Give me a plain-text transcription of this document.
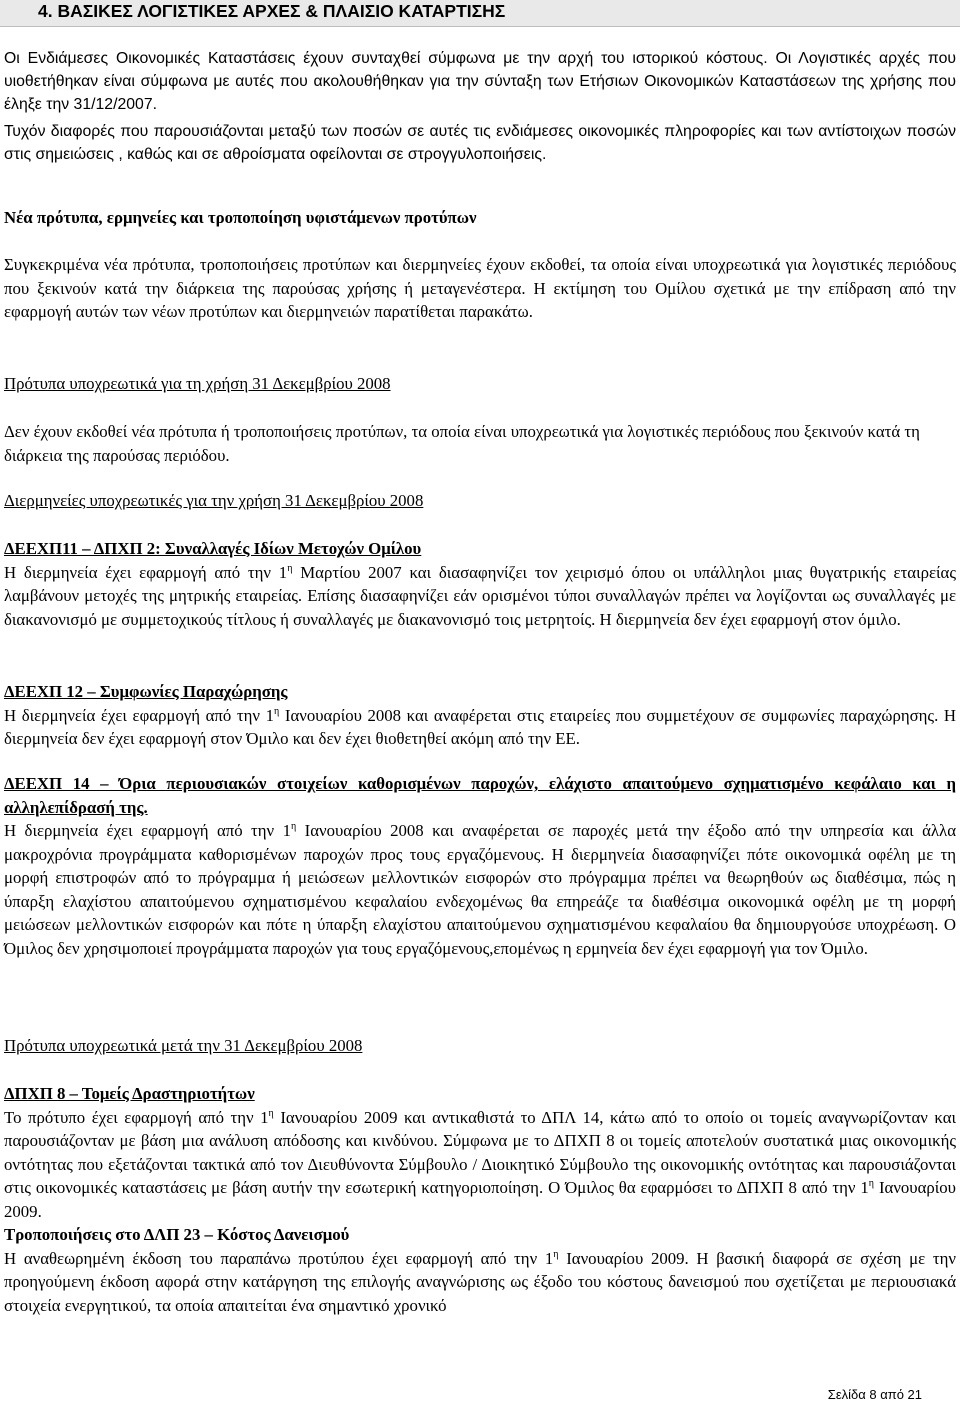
4. ΒΑΣΙΚΕΣ ΛΟΓΙΣΤΙΚΕΣ ΑΡΧΕΣ & ΠΛΑΙΣΙΟ ΚΑΤΑΡΤΙΣΗΣ

Οι Ενδιάμεσες Οικονομικές Καταστάσεις έχουν συνταχθεί σύμφωνα με την αρχή του ιστορικού κόστους. Οι Λογιστικές αρχές που υιοθετήθηκαν είναι σύμφωνα με αυτές που ακολουθήθηκαν για την σύνταξη των Ετήσιων Οικονομικών Καταστάσεων της χρήσης που έληξε την 31/12/2007.

Τυχόν διαφορές που παρουσιάζονται μεταξύ των ποσών σε αυτές τις ενδιάμεσες οικονομικές πληροφορίες και των αντίστοιχων ποσών στις σημειώσεις , καθώς και σε αθροίσματα οφείλονται σε στρογγυλοποιήσεις.

Νέα πρότυπα, ερμηνείες και τροποποίηση υφιστάμενων προτύπων

Συγκεκριμένα νέα πρότυπα, τροποποιήσεις προτύπων και διερμηνείες έχουν εκδοθεί, τα οποία είναι υποχρεωτικά για λογιστικές περιόδους που ξεκινούν κατά την διάρκεια της παρούσας χρήσης ή μεταγενέστερα. Η εκτίμηση του Ομίλου σχετικά με την επίδραση από την εφαρμογή αυτών των νέων προτύπων και διερμηνειών παρατίθεται παρακάτω.

Πρότυπα υποχρεωτικά για τη χρήση 31 Δεκεμβρίου 2008

Δεν έχουν εκδοθεί νέα πρότυπα ή τροποποιήσεις προτύπων, τα οποία είναι υποχρεωτικά για λογιστικές περιόδους που ξεκινούν κατά τη διάρκεια της παρούσας περιόδου.

Διερμηνείες υποχρεωτικές για την χρήση 31 Δεκεμβρίου 2008

ΔΕΕΧΠ11 – ΔΠΧΠ 2: Συναλλαγές Ιδίων Μετοχών Ομίλου
Η διερμηνεία έχει εφαρμογή από την $1^\eta$ Μαρτίου 2007 και διασαφηνίζει τον χειρισμό όπου οι υπάλληλοι μιας θυγατρικής εταιρείας λαμβάνουν μετοχές της μητρικής εταιρείας. Επίσης διασαφηνίζει εάν ορισμένοι τύποι συναλλαγών πρέπει να λογίζονται ως συναλλαγές με διακανονισμό με συμμετοχικούς τίτλους ή συναλλαγές με διακανονισμό τοις μετρητοίς. Η διερμηνεία δεν έχει εφαρμογή στον όμιλο.
ΔΕΕΧΠ 12 – Συμφωνίες Παραχώρησης
Η διερμηνεία έχει εφαρμογή από την $1^\eta$ Ιανουαρίου 2008 και αναφέρεται στις εταιρείες που συμμετέχουν σε συμφωνίες παραχώρησης. Η διερμηνεία δεν έχει εφαρμογή στον Όμιλο και δεν έχει θιοθετηθεί ακόμη από την ΕΕ.
ΔΕΕΧΠ 14 – Όρια περιουσιακών στοιχείων καθορισμένων παροχών, ελάχιστο απαιτούμενο σχηματισμένο κεφάλαιο και η αλληλεπίδρασή της.
Η διερμηνεία έχει εφαρμογή από την $1^\eta$ Ιανουαρίου 2008 και αναφέρεται σε παροχές μετά την έξοδο από την υπηρεσία και άλλα μακροχρόνια προγράμματα καθορισμένων παροχών προς τους εργαζόμενους. Η διερμηνεία διασαφηνίζει πότε οικονομικά οφέλη με τη μορφή επιστροφών από το πρόγραμμα ή μειώσεων μελλοντικών εισφορών στο πρόγραμμα πρέπει να θεωρηθούν ως διαθέσιμα, πώς η ύπαρξη ελαχίστου απαιτούμενου σχηματισμένου κεφαλαίου ενδεχομένως θα επηρεάζε τα διαθέσιμα οικονομικά οφέλη με τη μορφή μειώσεων μελλοντικών εισφορών και πότε η ύπαρξη ελαχίστου απαιτούμενου σχηματισμένου κεφαλαίου θα δημιουργούσε υποχρέωση. Ο Όμιλος δεν χρησιμοποιεί προγράμματα παροχών για τους εργαζόμενους,επομένως η ερμηνεία δεν έχει εφαρμογή για τον Όμιλο.

Πρότυπα υποχρεωτικά μετά την 31 Δεκεμβρίου 2008

ΔΠΧΠ 8 – Τομείς Δραστηριοτήτων
Το πρότυπο έχει εφαρμογή από την $1^\eta$ Ιανουαρίου 2009 και αντικαθιστά το ΔΠΛ 14, κάτω από το οποίο οι τομείς αναγνωρίζονταν και παρουσιάζονταν με βάση μια ανάλυση απόδοσης και κινδύνου. Σύμφωνα με το ΔΠΧΠ 8 οι τομείς αποτελούν συστατικά μιας οικονομικής οντότητας που εξετάζονται τακτικά από τον Διευθύνοντα Σύμβουλο / Διοικητικό Σύμβουλο της οικονομικής οντότητας και παρουσιάζονται στις οικονομικές καταστάσεις με βάση αυτήν την εσωτερική κατηγοριοποίηση. Ο Όμιλος θα εφαρμόσει το ΔΠΧΠ 8 από την $1^\eta$ Ιανουαρίου 2009.
Τροποποιήσεις στο ΔΛΠ 23 – Κόστος Δανεισμού
Η αναθεωρημένη έκδοση του παραπάνω προτύπου έχει εφαρμογή από την $1^\eta$ Ιανουαρίου 2009. Η βασική διαφορά σε σχέση με την προηγούμενη έκδοση αφορά στην κατάργηση της επιλογής αναγνώρισης ως έξοδο του κόστους δανεισμού που σχετίζεται με περιουσιακά στοιχεία ενεργητικού, τα οποία απαιτείται ένα σημαντικό χρονικό
Σελίδα 8 από 21
